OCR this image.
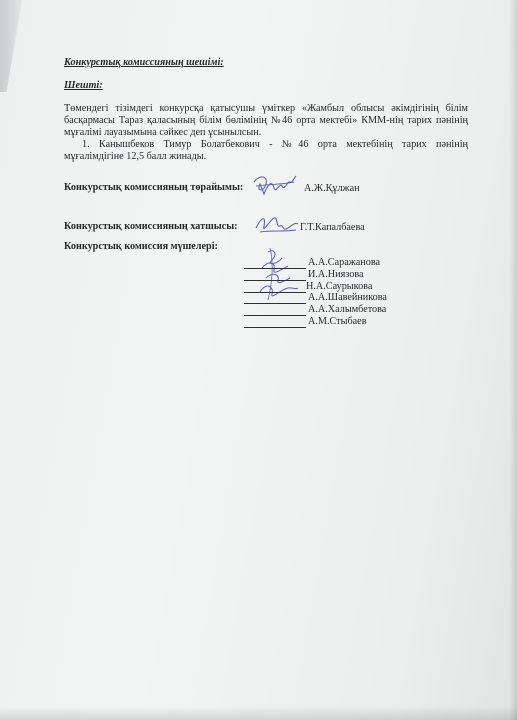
Конкурстық комиссияның шешімі:
Шешті:
Төмендегі тізімдегі конкурсқа қатысушы үміткер «Жамбыл облысы әкімдігінің білім
басқармасы Тараз қаласының білім бөлімінің №46 орта мектебі» КММ-нің тарих пәнінің
мұғалімі лауазымына сәйкес деп ұсынылсын.
1. Канышбеков Тимур Болатбекович - №46 орта мектебінің тарих пәнінің
мұғалімдігіне 12,5 балл жинады.
Конкурстық комиссияның төрайымы:	А.Ж.Құлжан
Конкурстық комиссияның хатшысы:	Г.Т.Капалбаева
Конкурстық комиссия мүшелері:
А.А.Саражанова
И.А.Ниязова
Н.А.Саурыкова
А.А.Шавейникова
А.А.Халымбетова
А.М.Стыбаев
